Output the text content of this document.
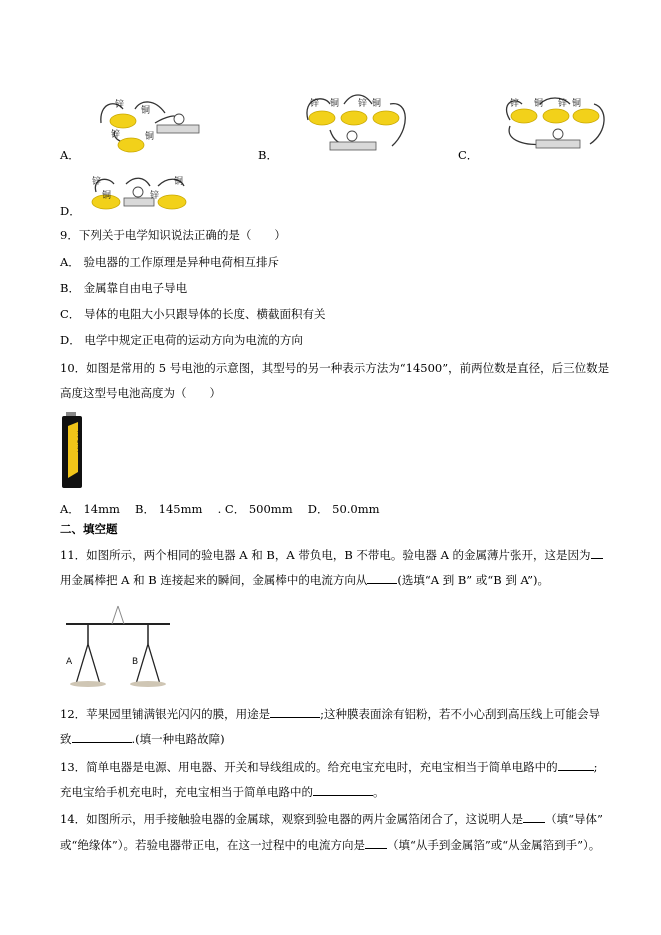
A．
锌
铜
锌	铜
B．
锌 铜 锌 铜
C．
锌 铜 锌 铜
D．
锌
铜
铜
锌
9．下列关于电学知识说法正确的是（　　）
A． 验电器的工作原理是异种电荷相互排斥
B． 金属靠自由电子导电
C． 导体的电阻大小只跟导体的长度、横截面积有关
D． 电学中规定正电荷的运动方向为电流的方向
10．如图是常用的 5 号电池的示意图，其型号的另一种表示方法为“14500”，前两位数是直径，后三位数是
高度这型号电池高度为（　　）
VHDAK
A． 14mm　 B． 145mm　 . C． 500mm　 D． 50.0mm
二、填空题
11．如图所示，两个相同的验电器 A 和 B，A 带负电，B 不带电。验电器 A 的金属薄片张开，这是因为
用金属棒把 A 和 B 连接起来的瞬间，金属棒中的电流方向从	(选填“A 到 B” 或“B 到 A”)。
A	B
12．苹果园里铺满银光闪闪的膜，用途是	;这种膜表面涂有铝粉，若不小心刮到高压线上可能会导
致	.(填一种电路故障)
13．简单电器是电源、用电器、开关和导线组成的。给充电宝充电时，充电宝相当于简单电路中的	;
充电宝给手机充电时，充电宝相当于简单电路中的	。
14．如图所示，用手接触验电器的金属球，观察到验电器的两片金属箔闭合了，这说明人是 （填“导体”
或“绝缘体”）。若验电器带正电，在这一过程中的电流方向是 （填“从手到金属箔”或“从金属箔到手”）。
